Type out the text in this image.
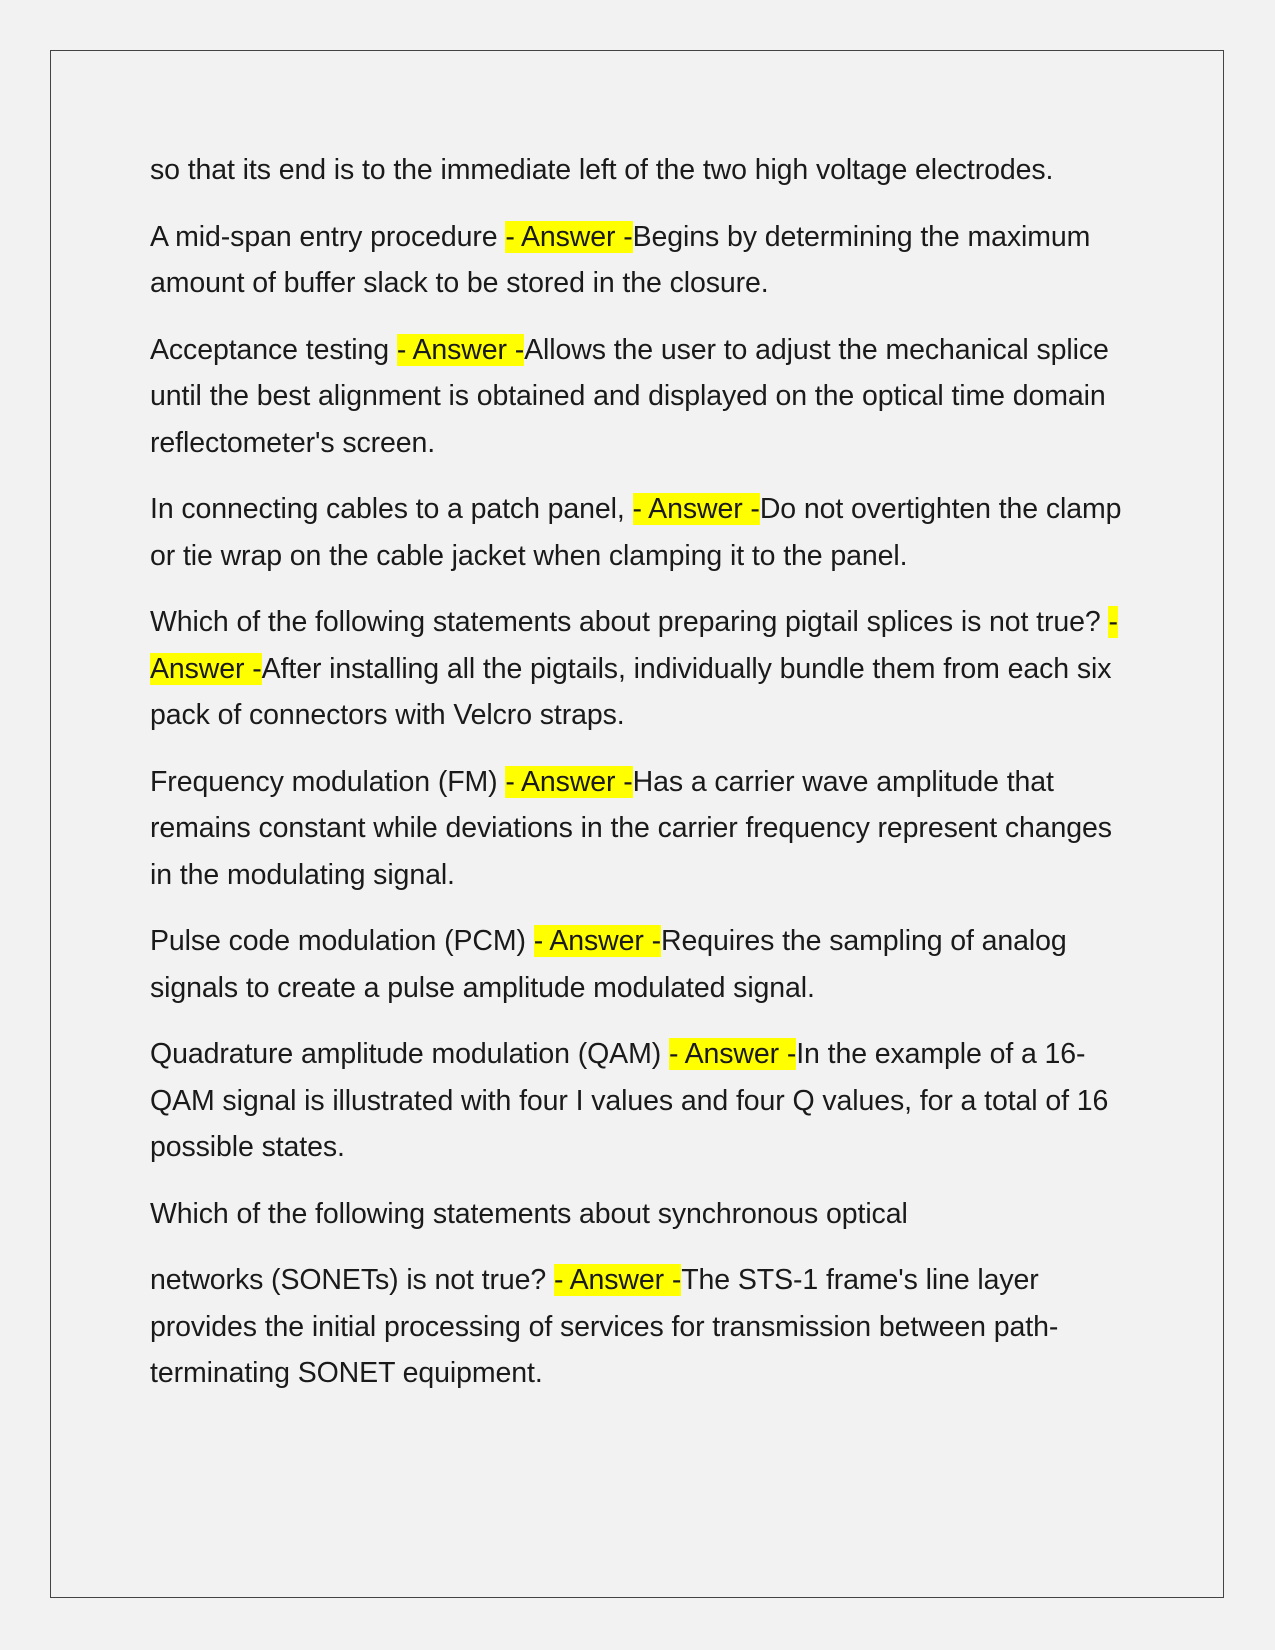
so that its end is to the immediate left of the two high voltage electrodes.

A mid-span entry procedure - Answer -Begins by determining the maximum amount of buffer slack to be stored in the closure.

Acceptance testing - Answer -Allows the user to adjust the mechanical splice until the best alignment is obtained and displayed on the optical time domain reflectometer's screen.

In connecting cables to a patch panel, - Answer -Do not overtighten the clamp or tie wrap on the cable jacket when clamping it to the panel.

Which of the following statements about preparing pigtail splices is not true? - Answer -After installing all the pigtails, individually bundle them from each six pack of connectors with Velcro straps.

Frequency modulation (FM) - Answer -Has a carrier wave amplitude that remains constant while deviations in the carrier frequency represent changes in the modulating signal.

Pulse code modulation (PCM) - Answer -Requires the sampling of analog signals to create a pulse amplitude modulated signal.

Quadrature amplitude modulation (QAM) - Answer -In the example of a 16-QAM signal is illustrated with four I values and four Q values, for a total of 16 possible states.

Which of the following statements about synchronous optical

networks (SONETs) is not true? - Answer -The STS-1 frame's line layer provides the initial processing of services for transmission between path-terminating SONET equipment.
